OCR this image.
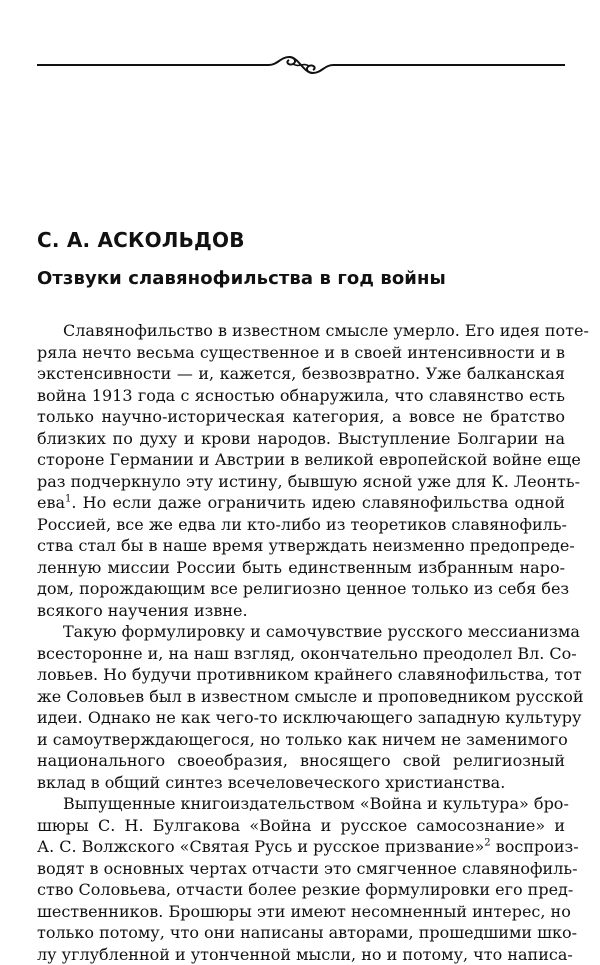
С. А. АСКОЛЬДОВ
Отзвуки славянофильства в год войны

Славянофильство в известном смысле умерло. Его идея поте-
ряла нечто весьма существенное и в своей интенсивности и в
экстенсивности — и, кажется, безвозвратно. Уже балканская
война 1913 года с ясностью обнаружила, что славянство есть
только научно-историческая категория, а вовсе не братство
близких по духу и крови народов. Выступление Болгарии на
стороне Германии и Австрии в великой европейской войне еще
раз подчеркнуло эту истину, бывшую ясной уже для К. Леонть-
ева$^1$. Но если даже ограничить идею славянофильства одной
Россией, все же едва ли кто-либо из теоретиков славянофиль-
ства стал бы в наше время утверждать неизменно предопреде-
ленную миссии России быть единственным избранным наро-
дом, порождающим все религиозно ценное только из себя без
всякого научения извне.

Такую формулировку и самочувствие русского мессианизма
всесторонне и, на наш взгляд, окончательно преодолел Вл. Со-
ловьев. Но будучи противником крайнего славянофильства, тот
же Соловьев был в известном смысле и проповедником русской
идеи. Однако не как чего-то исключающего западную культуру
и самоутверждающегося, но только как ничем не заменимого
национального своеобразия, вносящего свой религиозный
вклад в общий синтез всечеловеческого христианства.

Выпущенные книгоиздательством «Война и культура» бро-
шюры С. Н. Булгакова «Война и русское самосознание» и
А. С. Волжского «Святая Русь и русское призвание»$^2$ воспроиз-
водят в основных чертах отчасти это смягченное славянофиль-
ство Соловьева, отчасти более резкие формулировки его пред-
шественников. Брошюры эти имеют несомненный интерес, но
только потому, что они написаны авторами, прошедшими шко-
лу углубленной и утонченной мысли, но и потому, что написа-
